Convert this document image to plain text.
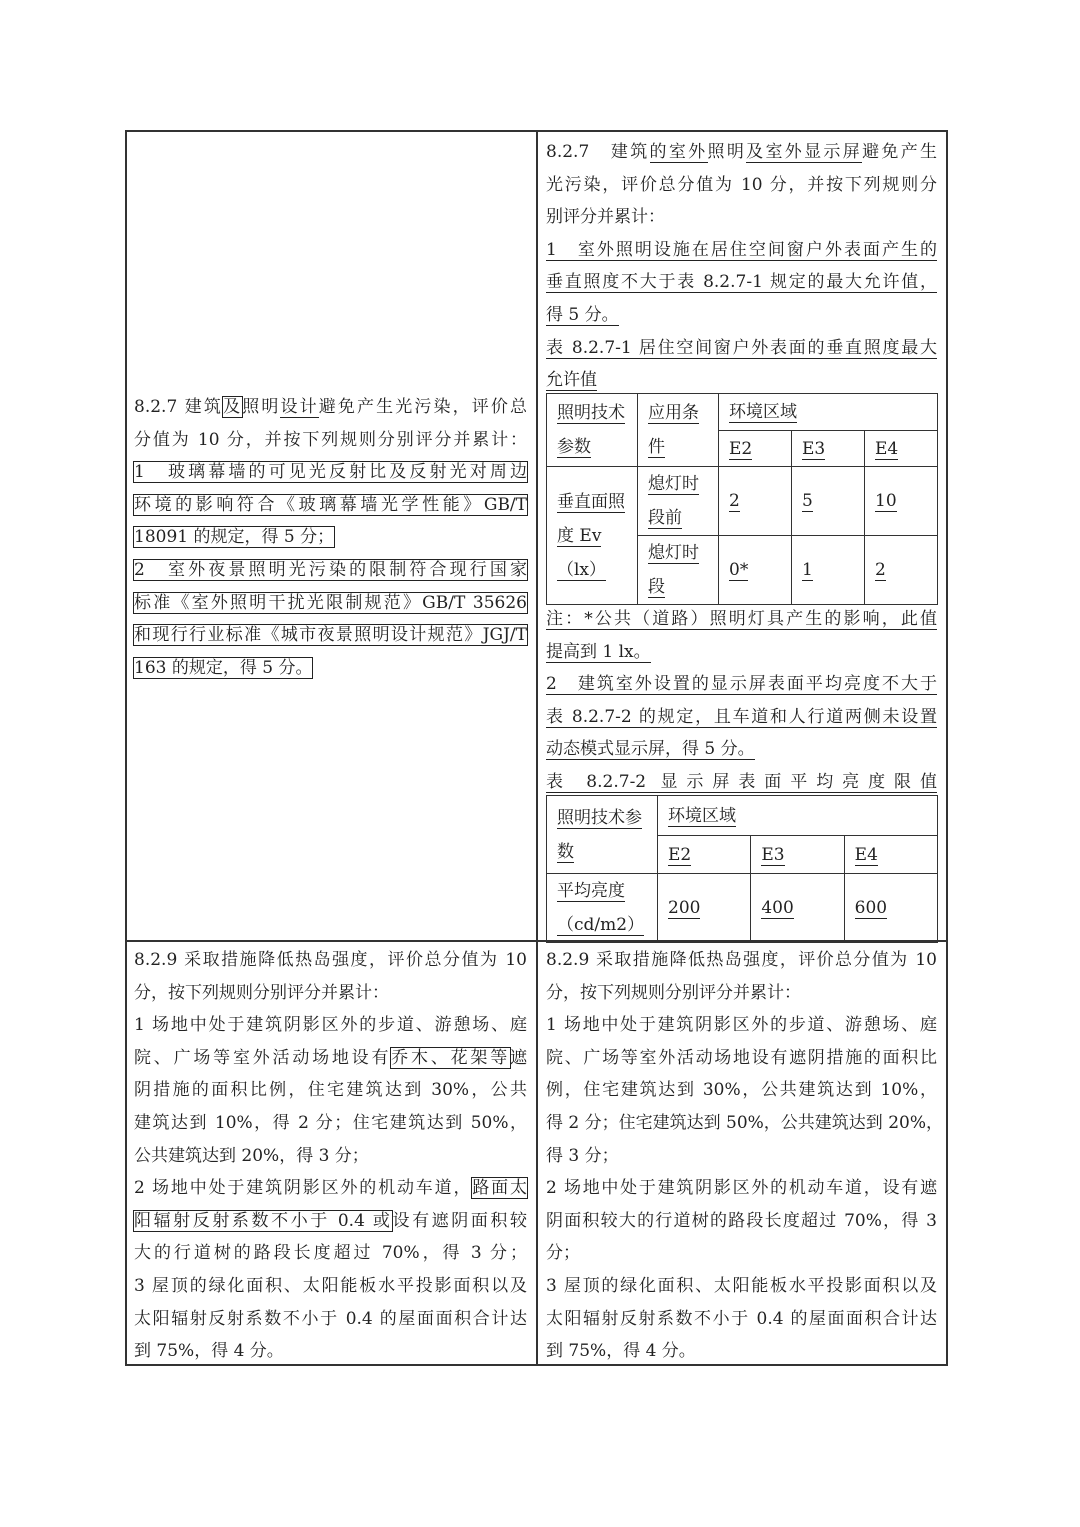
8.2.7 建筑及照明设计避免产生光污染，评价总
分值为 10 分，并按下列规则分别评分并累计：
1　玻璃幕墙的可见光反射比及反射光对周边
环境的影响符合《玻璃幕墙光学性能》GB/T
18091 的规定，得 5 分；
2　室外夜景照明光污染的限制符合现行国家
标准《室外照明干扰光限制规范》GB/T 35626
和现行行业标准《城市夜景照明设计规范》JGJ/T
163 的规定，得 5 分。
8.2.7　建筑的室外照明及室外显示屏避免产生
光污染，评价总分值为 10 分，并按下列规则分
别评分并累计：
1　室外照明设施在居住空间窗户外表面产生的
垂直照度不大于表 8.2.7-1 规定的最大允许值，
得 5 分。
表 8.2.7-1 居住空间窗户外表面的垂直照度最大
允许值
照明技术参数	应用条件	环境区域		
		E2	E3	E4
垂直面照度 Ev（lx）	熄灯时段前	2	5	10
	熄灯时段	0*	1	2
注：*公共（道路）照明灯具产生的影响，此值
提高到 1 lx。
2　建筑室外设置的显示屏表面平均亮度不大于
表 8.2.7-2 的规定，且车道和人行道两侧未设置
动态模式显示屏，得 5 分。
表 8.2.7-2 显示屏表面平均亮度限值
照明技术参数	环境区域		
	E2	E3	E4
平均亮度（cd/m2）	200	400	600
8.2.9 采取措施降低热岛强度，评价总分值为 10
分，按下列规则分别评分并累计：
1 场地中处于建筑阴影区外的步道、游憩场、庭
院、广场等室外活动场地设有乔木、花架等遮
阴措施的面积比例，住宅建筑达到 30%，公共
建筑达到 10%，得 2 分；住宅建筑达到 50%，
公共建筑达到 20%，得 3 分；
2 场地中处于建筑阴影区外的机动车道，路面太
阳辐射反射系数不小于 0.4 或设有遮阴面积较
大的行道树的路段长度超过 70%，得 3 分；
3 屋顶的绿化面积、太阳能板水平投影面积以及
太阳辐射反射系数不小于 0.4 的屋面面积合计达
到 75%，得 4 分。
8.2.9 采取措施降低热岛强度，评价总分值为 10
分，按下列规则分别评分并累计：
1 场地中处于建筑阴影区外的步道、游憩场、庭
院、广场等室外活动场地设有遮阴措施的面积比
例，住宅建筑达到 30%，公共建筑达到 10%，
得 2 分；住宅建筑达到 50%，公共建筑达到 20%，
得 3 分；
2 场地中处于建筑阴影区外的机动车道，设有遮
阴面积较大的行道树的路段长度超过 70%，得 3
分；
3 屋顶的绿化面积、太阳能板水平投影面积以及
太阳辐射反射系数不小于 0.4 的屋面面积合计达
到 75%，得 4 分。
